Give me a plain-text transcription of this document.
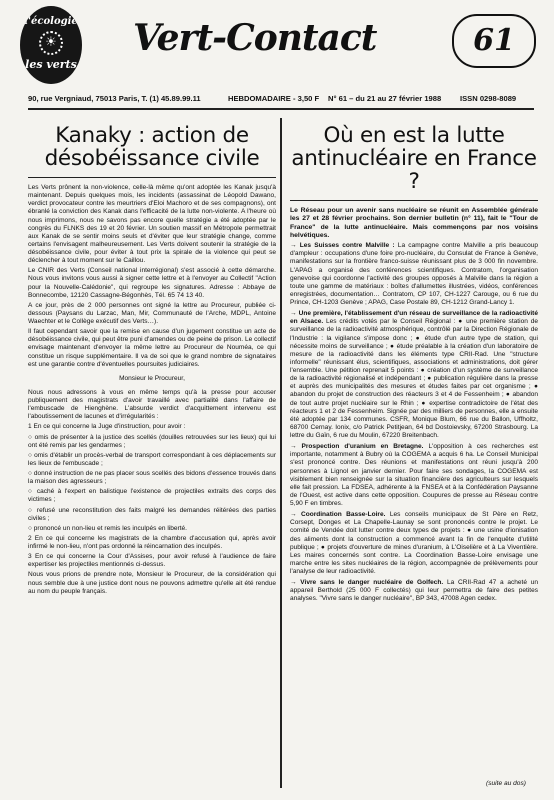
l'écologie
☀
les verts
Vert-Contact	61
90, rue Vergniaud, 75013 Paris, T. (1) 45.89.99.11	HEBDOMADAIRE - 3,50 F N° 61 – du 21 au 27 février 1988 ISSN 0298-8089
Kanaky : action de désobéissance civile

Les Verts prônent la non-violence, celle-là même qu'ont adoptée les Kanak jusqu'à maintenant. Depuis quelques mois, les incidents (assassinat de Léopold Dawano, verdict provocateur contre les meurtriers d'Eloi Machoro et de ses compagnons), ont ébranlé la conviction des Kanak dans l'efficacité de la lutte non-violente. A l'heure où nous imprimons, nous ne savons pas encore quelle stratégie a été adoptée par le congrès du FLNKS des 19 et 20 février. Un soutien massif en Métropole permettrait aux Kanak de se sentir moins seuls et d'éviter que leur stratégie change, comme certains l'envisagent malheureusement. Les Verts doivent soutenir la stratégie de la désobéissance civile, pour éviter à tout prix la spirale de la violence qui peut se déclencher à tout moment sur le Caillou.

Le CNIR des Verts (Conseil national interrégional) s'est associé à cette démarche. Nous vous invitons vous aussi à signer cette lettre et à l'envoyer au Collectif "Action pour la Nouvelle-Calédonie", qui regroupe les signatures. Adresse : Abbaye de Bonnecombe, 12120 Cassagne-Bégonhès, Tél. 65 74 13 40.

A ce jour, près de 2 000 personnes ont signé la lettre au Procureur, publiée ci-dessous (Paysans du Larzac, Man, Mir, Communauté de l'Arche, MDPL, Antoine Waechter et le Collège exécutif des Verts…).

Il faut cependant savoir que la remise en cause d'un jugement constitue un acte de désobéissance civile, qui peut être puni d'amendes ou de peine de prison. Le collectif envisage maintenant d'envoyer la même lettre au Procureur de Nouméa, ce qui constitue un risque supplémentaire. Il va de soi que le grand nombre de signataires est une garantie contre d'éventuelles poursuites judiciaires.

Monsieur le Procureur,

Nous nous adressons à vous en même temps qu'à la presse pour accuser publiquement des magistrats d'avoir travaillé avec partialité dans l'affaire de l'embuscade de Hienghène. L'absurde verdict d'acquittement intervenu est l'aboutissement de lacunes et d'irrégularités :

1 En ce qui concerne la Juge d'instruction, pour avoir :

○ omis de présenter à la justice des scellés (douilles retrouvées sur les lieux) qui lui ont été remis par les gendarmes ;

○ omis d'établir un procès-verbal de transport correspondant à ces déplacements sur les lieux de l'embuscade ;

○ donné instruction de ne pas placer sous scellés des bidons d'essence trouvés dans la maison des agresseurs ;

○ caché à l'expert en balistique l'existence de projectiles extraits des corps des victimes ;

○ refusé une reconstitution des faits malgré les demandes réitérées des parties civiles ;

○ prononcé un non-lieu et remis les inculpés en liberté.

2 En ce qui concerne les magistrats de la chambre d'accusation qui, après avoir infirmé le non-lieu, n'ont pas ordonné la réincarnation des inculpés.

3 En ce qui concerne la Cour d'Assises, pour avoir refusé à l'audience de faire expertiser les projectiles mentionnés ci-dessus.

Nous vous prions de prendre note, Monsieur le Procureur, de la considération qui nous semble due à une justice dont nous ne pouvons admettre qu'elle ait été rendue au nom du peuple français.

Où en est la lutte antinucléaire en France ?

Le Réseau pour un avenir sans nucléaire se réunit en Assemblée générale les 27 et 28 février prochains. Son dernier bulletin (n° 11), fait le "Tour de France" de la lutte antinucléaire. Mais commençons par nos voisins helvétiques.

→ Les Suisses contre Malville : La campagne contre Malville a pris beaucoup d'ampleur : occupations d'une foire pro-nucléaire, du Consulat de France à Genève, manifestations sur la frontière franco-suisse réunissant plus de 3 000 fin novembre. L'APAG a organisé des conférences scientifiques. Contratom, l'organisation genevoise qui coordonne l'activité des groupes opposés à Malville dans la région a toute une gamme de matériaux : boîtes d'allumettes illustrées, vidéos, conférences enregistrées, documentation… Contratom, CP 107, CH-1227 Carouge, ou 6 rue du Prince, CH-1203 Genève ; APAG, Case Postale 89, CH-1212 Grand-Lancy 1.

→ Une première, l'établissement d'un réseau de surveillance de la radioactivité en Alsace. Les crédits votés par le Conseil Régional : ● une première station de surveillance de la radioactivité atmosphérique, contrôlé par la Direction Régionale de l'Industrie : la vigilance s'impose donc ; ● étude d'un autre type de station, qui nécessite moins de surveillance ; ● étude préalable à la création d'un laboratoire de mesure de la radioactivité dans les éléments type CRII-Rad. Une "structure informelle" réunissant élus, scientifiques, associations et administrations, doit gérer l'ensemble. Une pétition reprenait 5 points : ● création d'un système de surveillance de la radioactivité régionalisé et indépendant ; ● publication régulière dans la presse et auprès des municipalités des mesures et études faites par cet organisme ; ● abandon du projet de construction des réacteurs 3 et 4 de Fessenheim ; ● abandon de tout autre projet nucléaire sur le Rhin ; ● expertise contradictoire de l'état des réacteurs 1 et 2 de Fessenheim. Signée par des milliers de personnes, elle a ensuite été adoptée par 134 communes. CSFR, Monique Blum, 66 rue du Ballon, Uffholtz, 68700 Cernay. Ionix, c/o Patrick Petitjean, 64 bd Dostoievsky, 67200 Strasbourg. La lettre du Gaïn, 6 rue du Moulin, 67220 Breitenbach.

→ Prospection d'uranium en Bretagne. L'opposition à ces recherches est importante, notamment à Bubry où la COGEMA a acquis 6 ha. Le Conseil Municipal s'est prononcé contre. Des réunions et manifestations ont réuni jusqu'à 200 personnes à Lignol en janvier dernier. Pour faire ses sondages, la COGEMA est visiblement bien renseignée sur la situation financière des agriculteurs sur lesquels elle fait pression. La FDSEA, adhérente à la FNSEA et à la Confédération Paysanne de l'Ouest, est active dans cette opposition. Coupures de presse au Réseau contre 5,90 F en timbres.

→ Coordination Basse-Loire. Les conseils municipaux de St Père en Retz, Corsept, Donges et La Chapelle-Launay se sont prononcés contre le projet. Le comité de Vendée doit lutter contre deux types de projets : ● une usine d'ionisation des aliments dont la construction a commencé avant la fin de l'enquête d'utilité publique ; ● projets d'ouverture de mines d'uranium, à L'Oiselière et à La Viventière. Les maires concernés sont contre. La Coordination Basse-Loire envisage une marche entre les sites nucléaires de la région, accompagnée de prélèvements pour l'analyse de leur radioactivité.

→ Vivre sans le danger nucléaire de Golfech. La CRII-Rad 47 a acheté un appareil Berthold (25 000 F collectés) qui leur permettra de faire des petites analyses. "Vivre sans le danger nucléaire", BP 343, 47008 Agen cedex.

(suite au dos)
